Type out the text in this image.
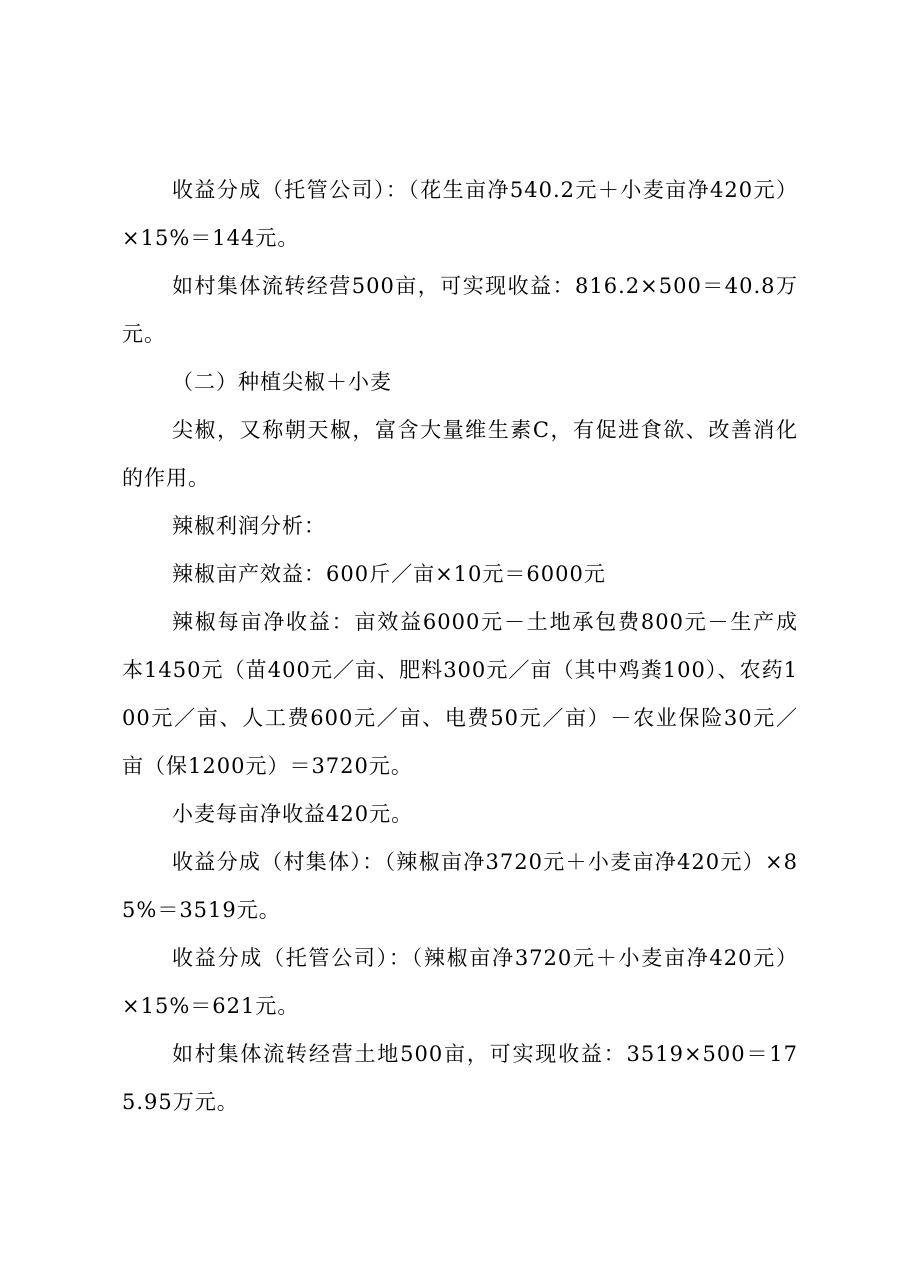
收益分成（托管公司）：（花生亩净540.2元＋小麦亩净420元）×15%＝144元。

如村集体流转经营500亩，可实现收益：816.2×500＝40.8万元。

（二）种植尖椒＋小麦

尖椒，又称朝天椒，富含大量维生素C，有促进食欲、改善消化的作用。

辣椒利润分析：

辣椒亩产效益：600斤／亩×10元＝6000元

辣椒每亩净收益：亩效益6000元－土地承包费800元－生产成本1450元（苗400元／亩、肥料300元／亩（其中鸡粪100）、农药100元／亩、人工费600元／亩、电费50元／亩）－农业保险30元／亩（保1200元）＝3720元。

小麦每亩净收益420元。

收益分成（村集体）：（辣椒亩净3720元＋小麦亩净420元）×85%＝3519元。

收益分成（托管公司）：（辣椒亩净3720元＋小麦亩净420元）×15%＝621元。

如村集体流转经营土地500亩，可实现收益：3519×500＝175.95万元。
